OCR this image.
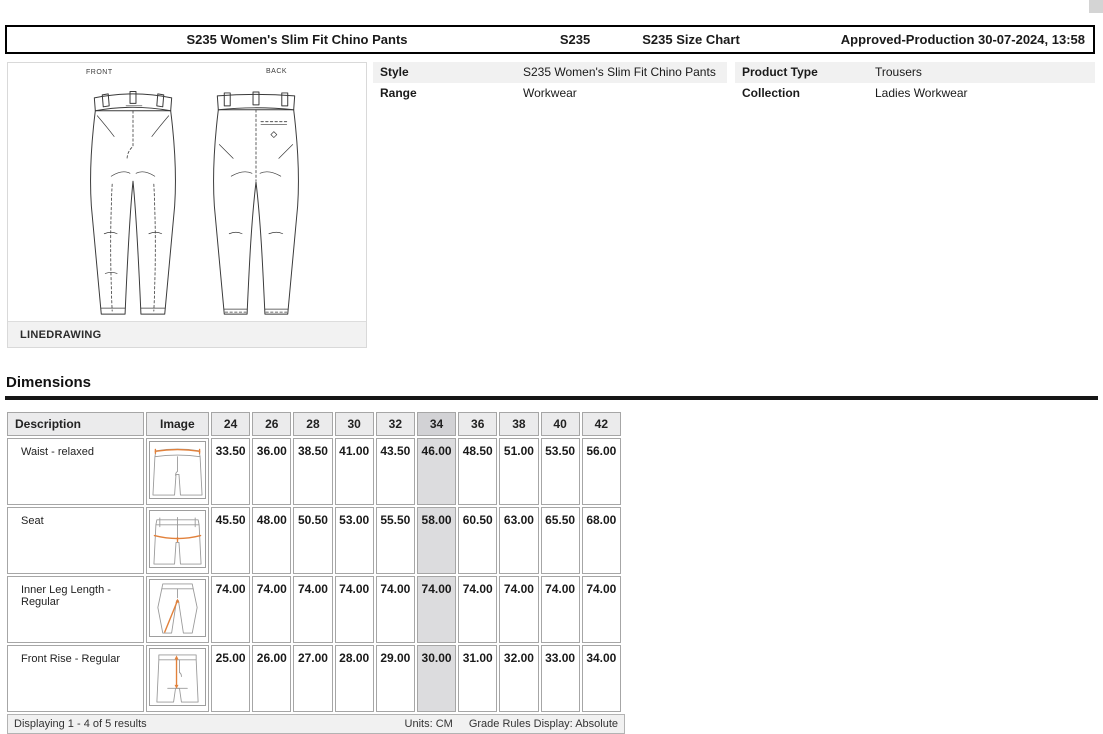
S235 Women's Slim Fit Chino Pants	S235	S235 Size Chart	Approved-Production 30-07-2024, 13:58
FRONT	BACK
LINEDRAWING
Style	S235 Women's Slim Fit Chino Pants
Range	Workwear
Product Type	Trousers
Collection	Ladies Workwear
Dimensions
Description	Image	24	26	28	30	32	34	36	38	40	42
Waist - relaxed		33.50	36.00	38.50	41.00	43.50	46.00	48.50	51.00	53.50	56.00
Seat		45.50	48.00	50.50	53.00	55.50	58.00	60.50	63.00	65.50	68.00
Inner Leg Length - Regular		74.00	74.00	74.00	74.00	74.00	74.00	74.00	74.00	74.00	74.00
Front Rise - Regular		25.00	26.00	27.00	28.00	29.00	30.00	31.00	32.00	33.00	34.00
Displaying 1 - 4 of 5 results	Units: CM Grade Rules Display: Absolute
